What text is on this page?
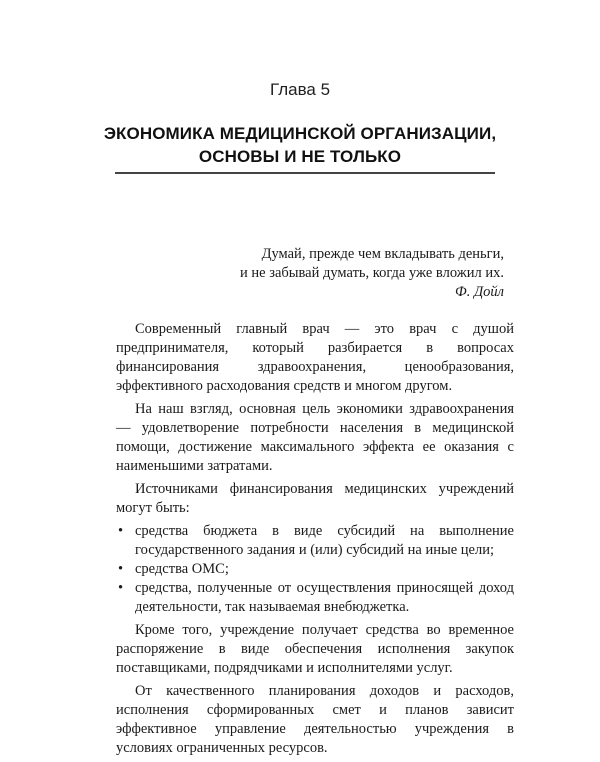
Глава 5
ЭКОНОМИКА МЕДИЦИНСКОЙ ОРГАНИЗАЦИИ,
ОСНОВЫ И НЕ ТОЛЬКО
Думай, прежде чем вкладывать деньги,
и не забывай думать, когда уже вложил их.
Ф. Дойл

Современный главный врач — это врач с душой предпринимателя, который разбирается в вопросах финансирования здравоохранения, ценообразования, эффективного расходования средств и многом другом.

На наш взгляд, основная цель экономики здравоохранения — удовлетворение потребности населения в медицинской помощи, достижение максимального эффекта ее оказания с наименьшими затратами.

Источниками финансирования медицинских учреждений могут быть:

• средства бюджета в виде субсидий на выполнение государственного задания и (или) субсидий на иные цели;
• средства ОМС;
• средства, полученные от осуществления приносящей доход деятельности, так называемая внебюджетка.

Кроме того, учреждение получает средства во временное распоряжение в виде обеспечения исполнения закупок поставщиками, подрядчиками и исполнителями услуг.

От качественного планирования доходов и расходов, исполнения сформированных смет и планов зависит эффективное управление деятельностью учреждения в условиях ограниченных ресурсов.
